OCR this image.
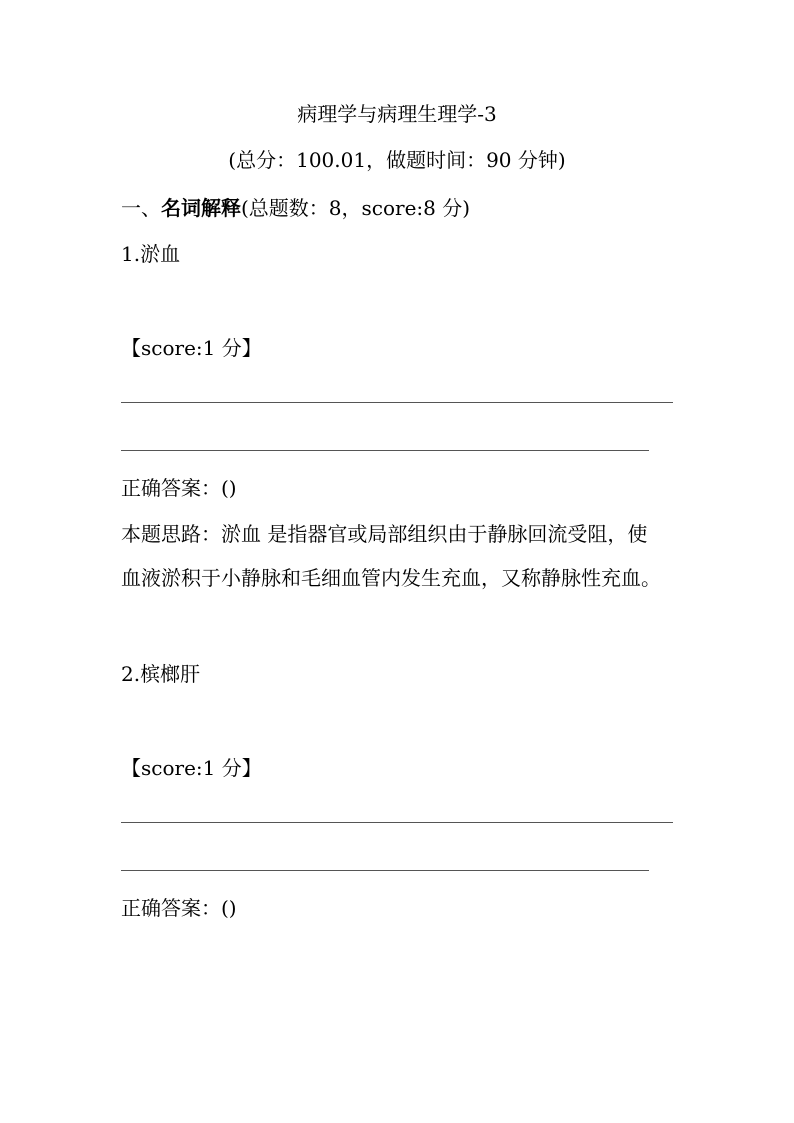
病理学与病理生理学-3
(总分：100.01，做题时间：90 分钟)
一、名词解释(总题数：8，score:8 分)
1.淤血
【score:1 分】
正确答案：()
本题思路：淤血 是指器官或局部组织由于静脉回流受阻，使血液淤积于小静脉和毛细血管内发生充血，又称静脉性充血。
2.槟榔肝
【score:1 分】
正确答案：()
